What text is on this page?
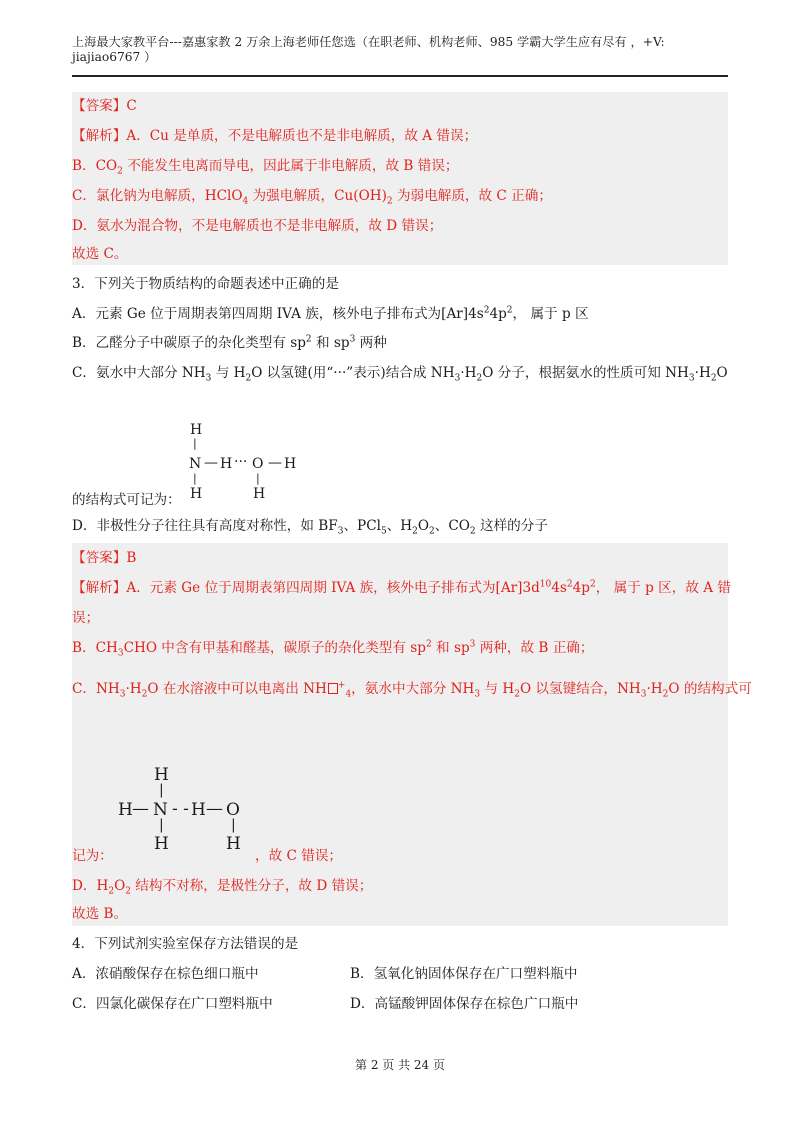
上海最大家教平台---嘉惠家教 2 万余上海老师任您选（在职老师、机构老师、985 学霸大学生应有尽有 ，+V:
jiajiao6767 ）
【答案】C
【解析】A．Cu 是单质，不是电解质也不是非电解质，故 A 错误；
B．$CO_2$ 不能发生电离而导电，因此属于非电解质，故 B 错误；
C．氯化钠为电解质，HClO$_4$ 为强电解质，$Cu(OH)_2$ 为弱电解质，故 C 正确；
D．氨水为混合物，不是电解质也不是非电解质，故 D 错误；
故选 C。
3．下列关于物质结构的命题表述中正确的是
A．元素 Ge 位于周期表第四周期 IVA 族，核外电子排布式为$[Ar]4s^24p^2$， 属于 p 区
B．乙醛分子中碳原子的杂化类型有 $sp^2$ 和 $sp^3$ 两种
C．氨水中大部分 $NH_3$ 与 $H_2O$ 以氢键(用“···”表示)结合成 $NH_3\cdot H_2O$ 分子，根据氨水的性质可知 $NH_3\cdot H_2O$
H
|
N — H ··· O — H
|
H
|
H
的结构式可记为：
D．非极性分子往往具有高度对称性，如 $BF_3$、PCl$_5$、$H_2O_2$、$CO_2$ 这样的分子
【答案】B
【解析】A．元素 Ge 位于周期表第四周期 IVA 族，核外电子排布式为$[Ar]3d^{10}4s^24p^2$， 属于 p 区，故 A 错
误；
B．$CH_3CHO$ 中含有甲基和醛基，碳原子的杂化类型有 $sp^2$ 和 $sp^3$ 两种，故 B 正确；
C．$NH_3\cdot H_2O$ 在水溶液中可以电离出 NH +$_4$，氨水中大部分 $NH_3$ 与 $H_2O$ 以氢键结合，$NH_3\cdot H_2O$ 的结构式可
H
|
H — N - - H — O
|
H
|
H
记为：	，故 C 错误；
D．$H_2O_2$ 结构不对称，是极性分子，故 D 错误；
故选 B。
4．下列试剂实验室保存方法错误的是
A．浓硝酸保存在棕色细口瓶中	B．氢氧化钠固体保存在广口塑料瓶中
C．四氯化碳保存在广口塑料瓶中	D．高锰酸钾固体保存在棕色广口瓶中
第 2 页 共 24 页
